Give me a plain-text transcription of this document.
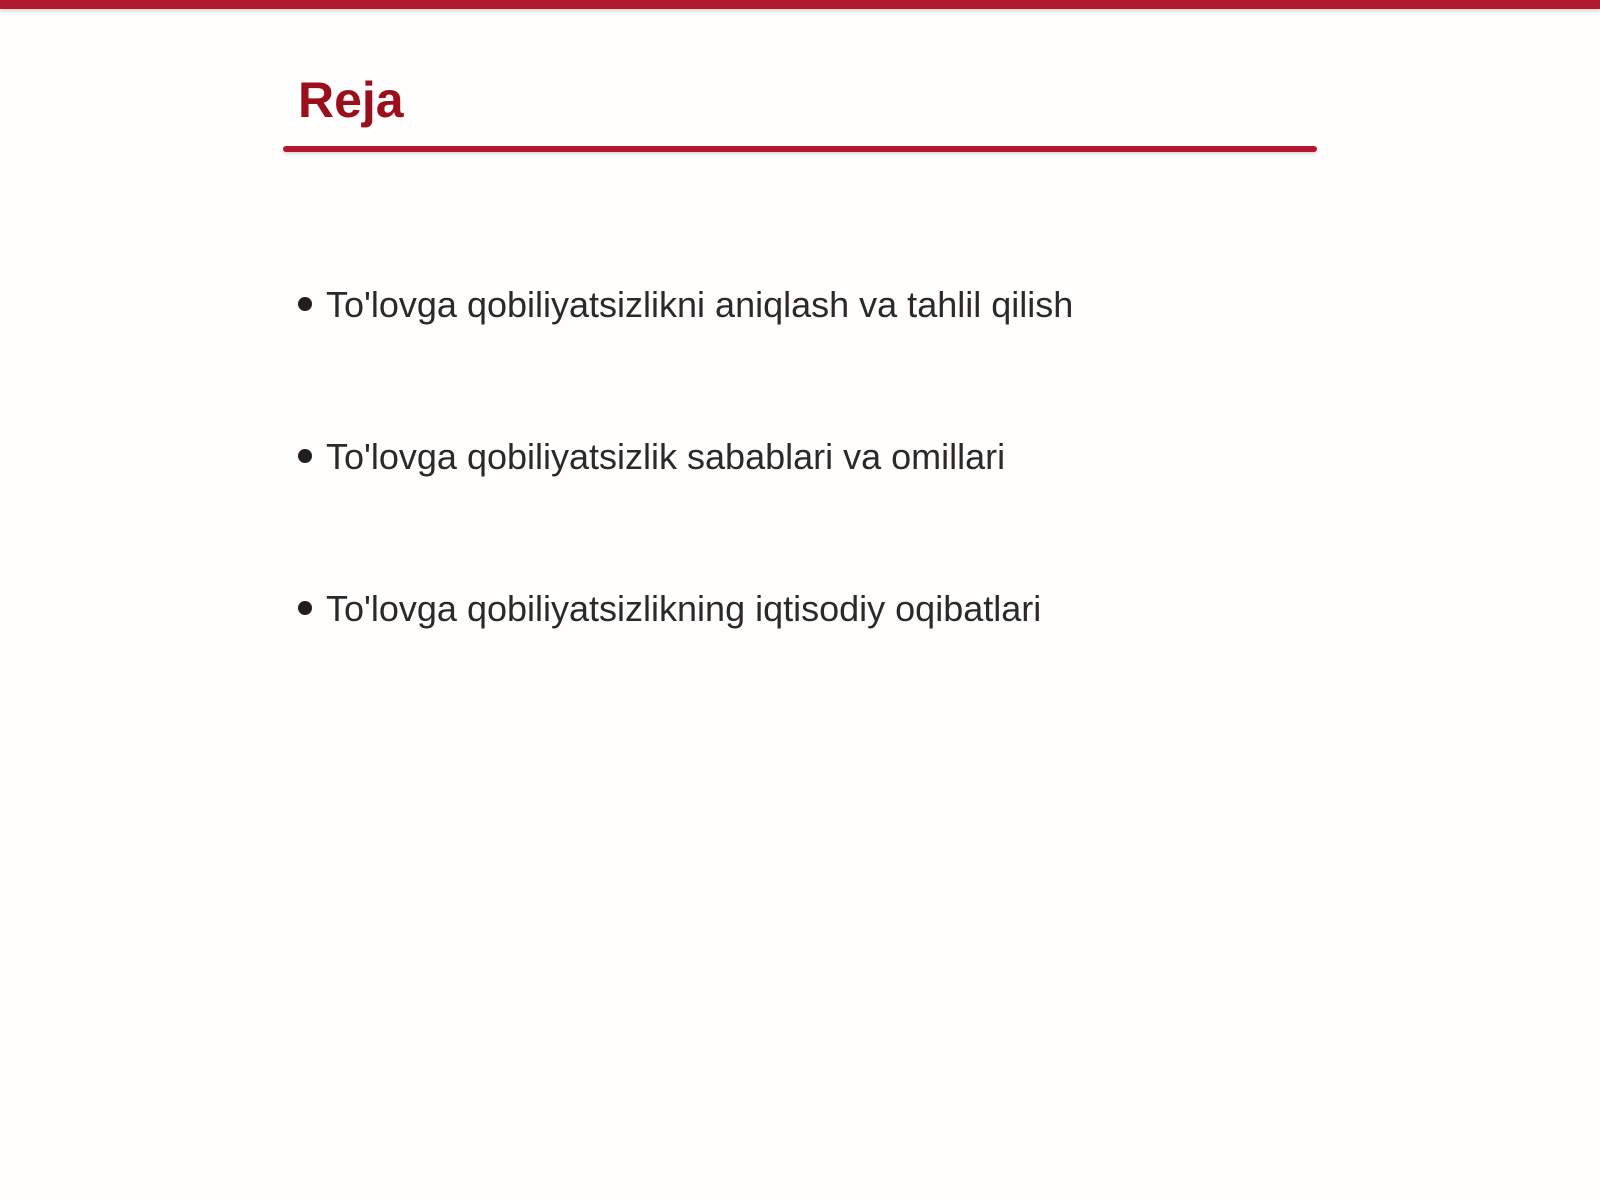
Reja
To'lovga qobiliyatsizlikni aniqlash va tahlil qilish
To'lovga qobiliyatsizlik sabablari va omillari
To'lovga qobiliyatsizlikning iqtisodiy oqibatlari
